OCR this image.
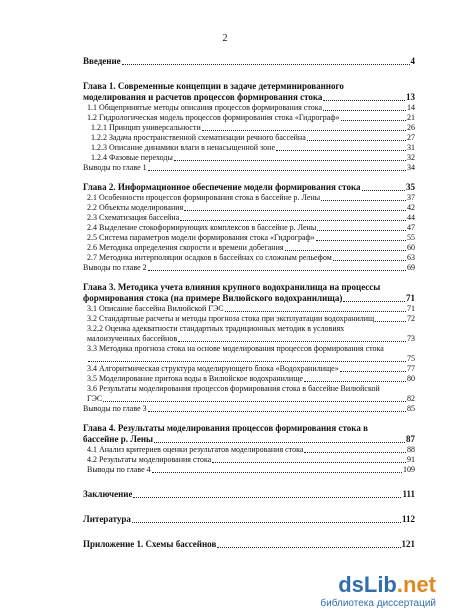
2
Введение	4
Глава 1. Современные концепции в задаче детерминированного
моделирования и расчетов процессов формирования стока	13
1.1 Общепринятые методы описания процессов формирования стока	14
1.2 Гидрологическая модель процессов формирования стока «Гидрограф»	21
1.2.1 Принцип универсальности	26
1.2.2 Задача пространственной схематизации речного бассейна	27
1.2.3 Описание динамики влаги в ненасыщенной зоне	31
1.2.4 Фазовые переходы	32
Выводы по главе 1	34
Глава 2. Информационное обеспечение модели формирования стока	35
2.1 Особенности процессов формирования стока в бассейне р. Лены	37
2.2 Объекты моделирования	42
2.3 Схематизация бассейна	44
2.4 Выделение стокоформирующих комплексов в бассейне р. Лены	47
2.5 Система параметров модели формирования стока «Гидрограф»	55
2.6 Методика определения скорости и времени добегания	60
2.7 Методика интерполяции осадков в бассейнах со сложным рельефом	63
Выводы по главе 2	69
Глава 3. Методика учета влияния крупного водохранилища на процессы
формирования стока (на примере Вилюйского водохранилища)	71
3.1 Описание бассейна Вилюйской ГЭС	71
3.2 Стандартные расчеты и методы прогноза стока при эксплуатации водохранилищ	72
3.2.2 Оценка адекватности стандартных традиционных методик в условиях
малоизученных бассейнов	73
3.3 Методика прогноза стока на основе моделирования процессов формирования стока
75
3.4 Алгоритмическая структура моделирующего блока «Водохранилище»	77
3.5 Моделирование притока воды в Вилюйское водохранилище	80
3.6 Результаты моделирования процессов формирования стока в бассейне Вилюйской
ГЭС	82
Выводы по главе 3	85
Глава 4. Результаты моделирования процессов формирования стока в
бассейне р. Лены	87
4.1 Анализ критериев оценки результатов моделирования стока	88
4.2 Результаты моделирования стока	91
Выводы по главе 4	109
Заключение	111
Литература	112
Приложение 1. Схемы бассейнов	121
dsLib.net
библиотека диссертаций
